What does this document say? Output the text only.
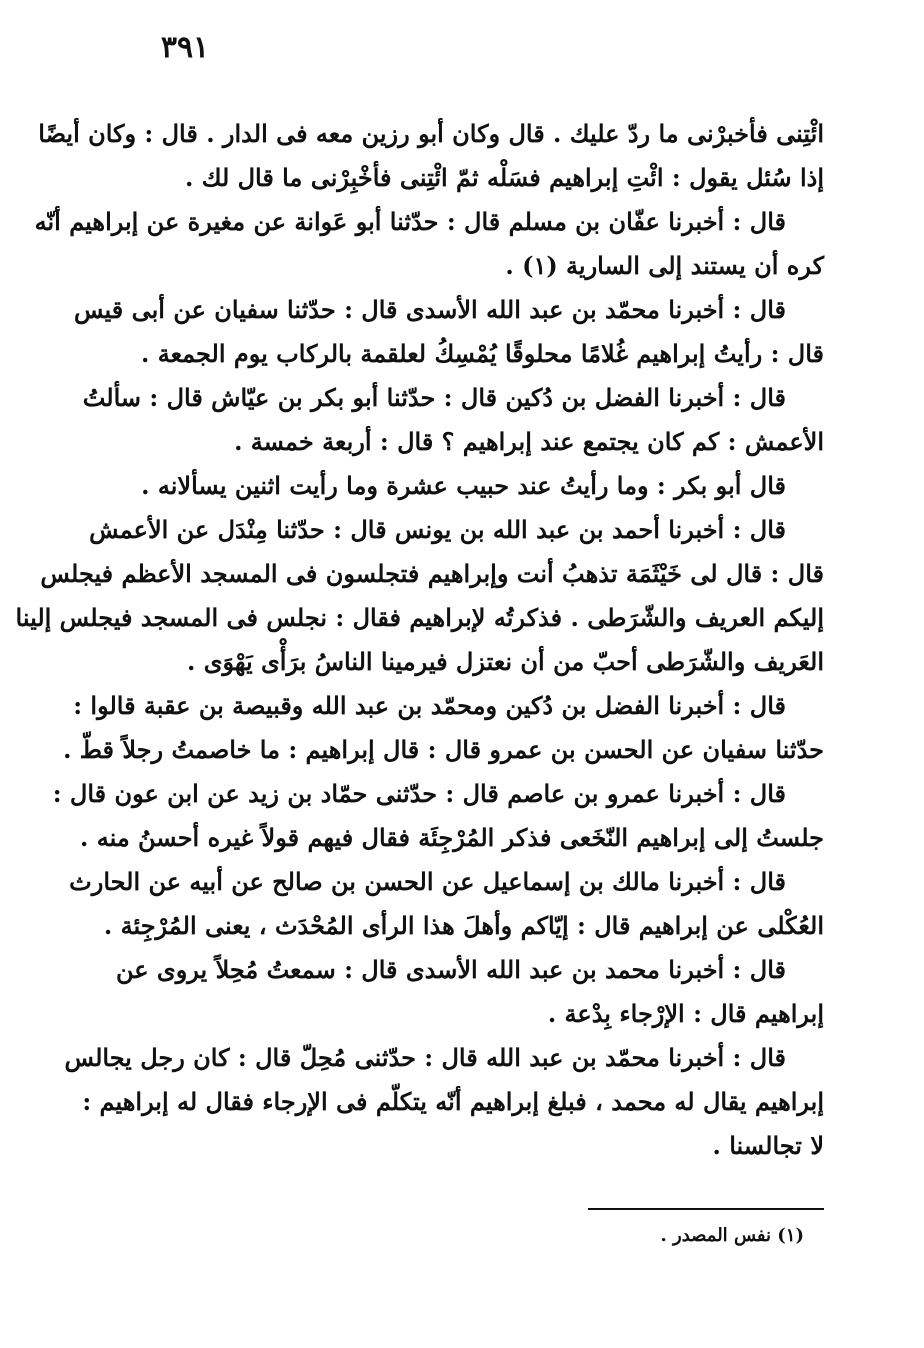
٣٩١
ائْتِنى فأخبرْنى ما ردّ عليك . قال وكان أبو رزين معه فى الدار . قال : وكان أيضًا
إذا سُئل يقول : ائْتِ إبراهيم فسَلْه ثمّ ائْتِنى فأخْبِرْنى ما قال لك .
قال : أخبرنا عفّان بن مسلم قال : حدّثنا أبو عَوانة عن مغيرة عن إبراهيم أنّه
كره أن يستند إلى السارية (١) .
قال : أخبرنا محمّد بن عبد الله الأسدى قال : حدّثنا سفيان عن أبى قيس
قال : رأيتُ إبراهيم غُلامًا محلوقًا يُمْسِكُ لعلقمة بالركاب يوم الجمعة .
قال : أخبرنا الفضل بن دُكين قال : حدّثنا أبو بكر بن عيّاش قال : سألتُ
الأعمش : كم كان يجتمع عند إبراهيم ؟ قال : أربعة خمسة .
قال أبو بكر : وما رأيتُ عند حبيب عشرة وما رأيت اثنين يسألانه .
قال : أخبرنا أحمد بن عبد الله بن يونس قال : حدّثنا مِنْدَل عن الأعمش
قال : قال لى خَيْثَمَة تذهبُ أنت وإبراهيم فتجلسون فى المسجد الأعظم فيجلس
إليكم العريف والشّرَطى . فذكرتُه لإبراهيم فقال : نجلس فى المسجد فيجلس إلينا
العَريف والشّرَطى أحبّ من أن نعتزل فيرمينا الناسُ برَأْى يَهْوَى .
قال : أخبرنا الفضل بن دُكين ومحمّد بن عبد الله وقبيصة بن عقبة قالوا :
حدّثنا سفيان عن الحسن بن عمرو قال : قال إبراهيم : ما خاصمتُ رجلاً قطّ .
قال : أخبرنا عمرو بن عاصم قال : حدّثنى حمّاد بن زيد عن ابن عون قال :
جلستُ إلى إبراهيم النّخَعى فذكر المُرْجِئَة فقال فيهم قولاً غيره أحسنُ منه .
قال : أخبرنا مالك بن إسماعيل عن الحسن بن صالح عن أبيه عن الحارث
العُكْلى عن إبراهيم قال : إيّاكم وأهلَ هذا الرأى المُحْدَث ، يعنى المُرْجِئة .
قال : أخبرنا محمد بن عبد الله الأسدى قال : سمعتُ مُحِلاً يروى عن
إبراهيم قال : الإرْجاء بِدْعة .
قال : أخبرنا محمّد بن عبد الله قال : حدّثنى مُحِلّ قال : كان رجل يجالس
إبراهيم يقال له محمد ، فبلغ إبراهيم أنّه يتكلّم فى الإرجاء فقال له إبراهيم :
لا تجالسنا .
(١) نفس المصدر .
